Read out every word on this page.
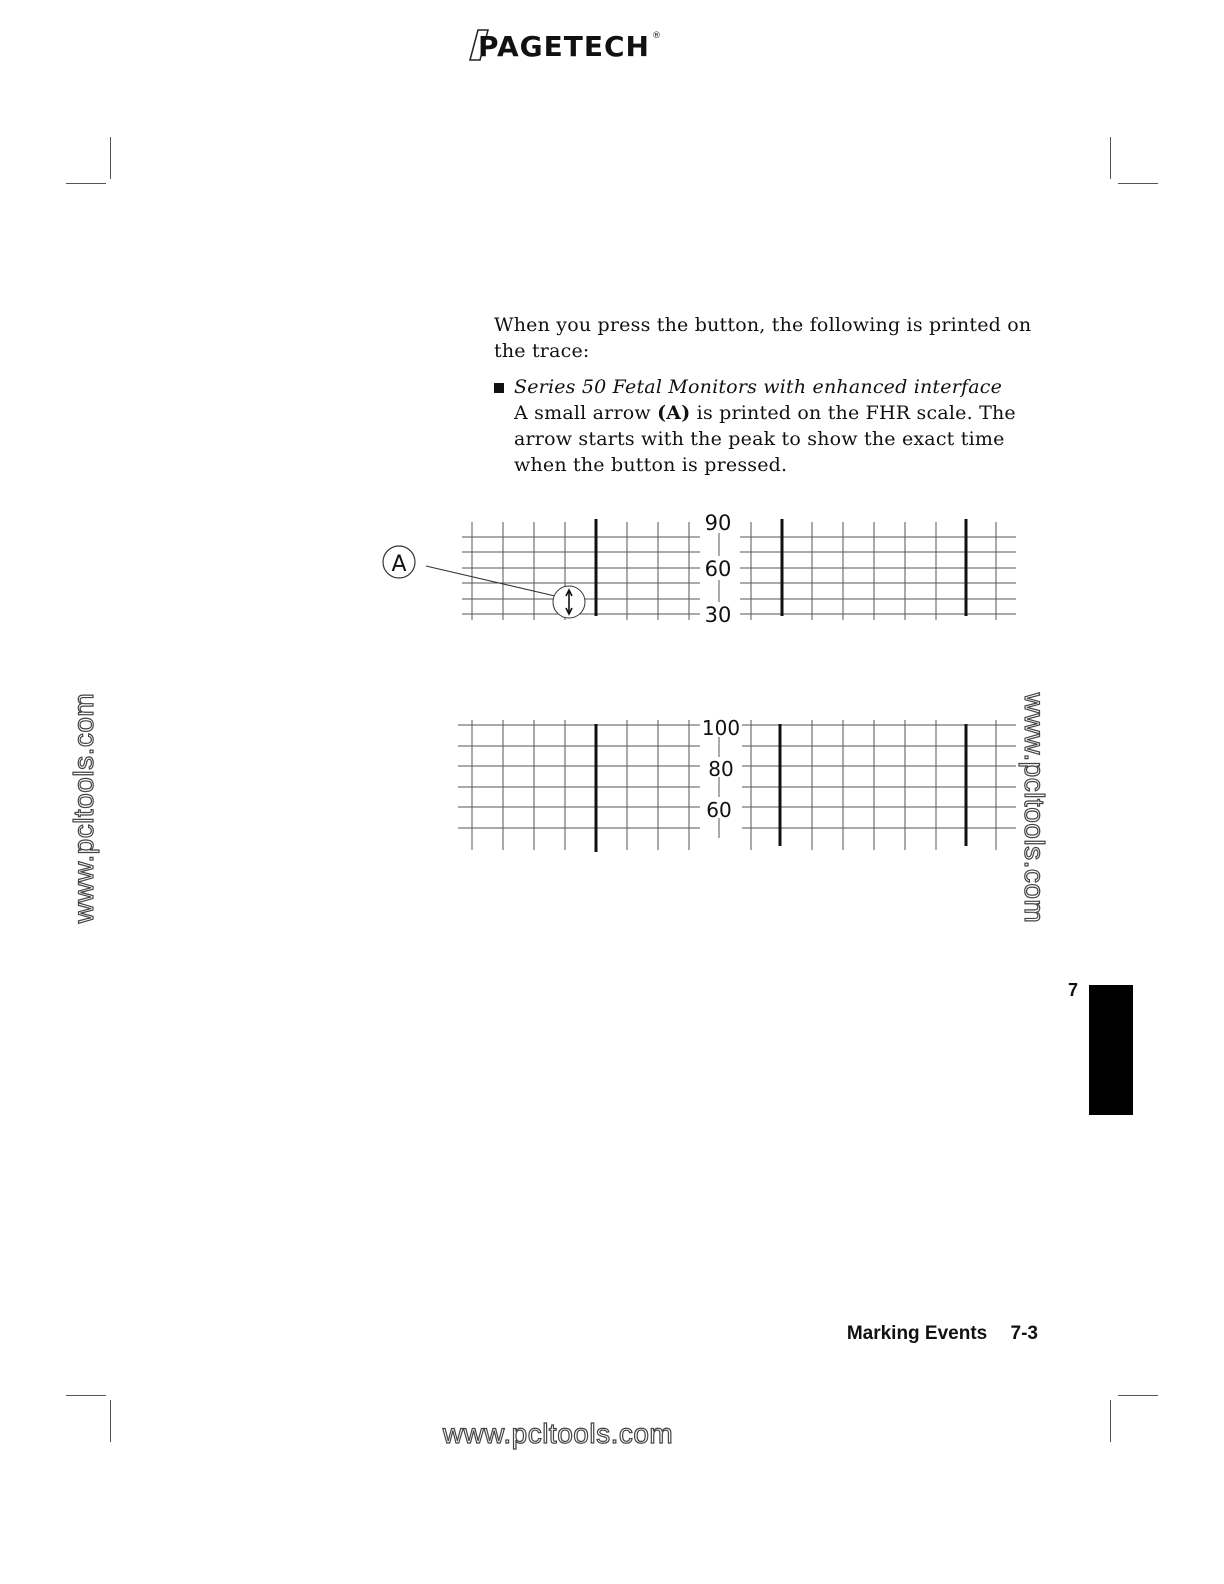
PAGETECH ®
When you press the button, the following is printed on the trace:
Series 50 Fetal Monitors with enhanced interface
A small arrow (A) is printed on the FHR scale. The arrow starts with the peak to show the exact time when the button is pressed.
90
60
30
A
100
80
60
www.pcltools.com	www.pcltools.com
www.pcltools.com
7
Marking Events 7-3
